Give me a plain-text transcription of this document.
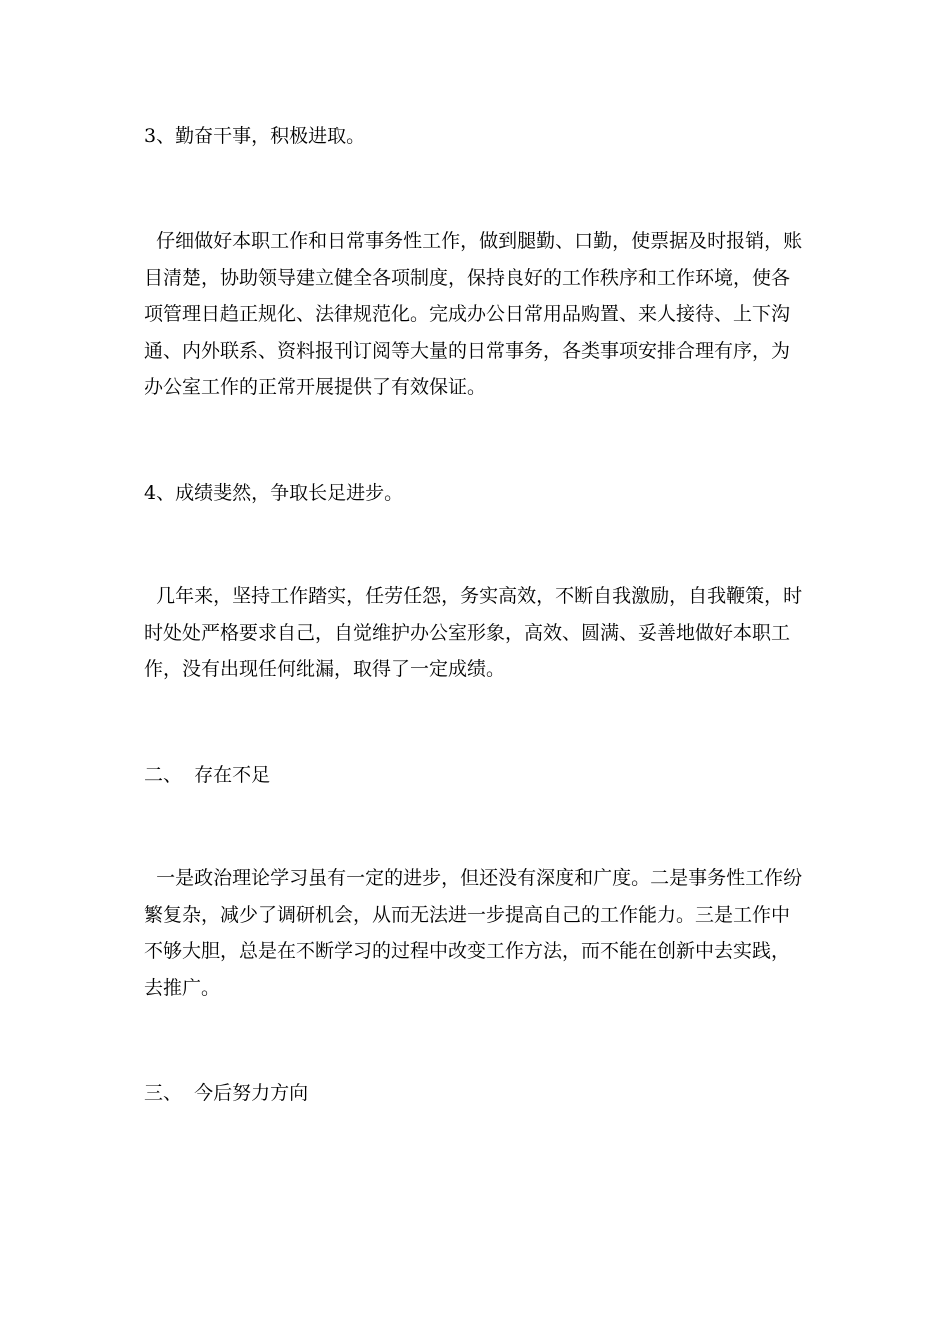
3、勤奋干事，积极进取。

仔细做好本职工作和日常事务性工作，做到腿勤、口勤，使票据及时报销，账
目清楚，协助领导建立健全各项制度，保持良好的工作秩序和工作环境，使各
项管理日趋正规化、法律规范化。完成办公日常用品购置、来人接待、上下沟
通、内外联系、资料报刊订阅等大量的日常事务，各类事项安排合理有序，为
办公室工作的正常开展提供了有效保证。

4、成绩斐然，争取长足进步。

几年来，坚持工作踏实，任劳任怨，务实高效，不断自我激励，自我鞭策，时
时处处严格要求自己，自觉维护办公室形象，高效、圆满、妥善地做好本职工
作，没有出现任何纰漏，取得了一定成绩。

二、  存在不足

一是政治理论学习虽有一定的进步，但还没有深度和广度。二是事务性工作纷
繁复杂，减少了调研机会，从而无法进一步提高自己的工作能力。三是工作中
不够大胆，总是在不断学习的过程中改变工作方法，而不能在创新中去实践，
去推广。

三、  今后努力方向
